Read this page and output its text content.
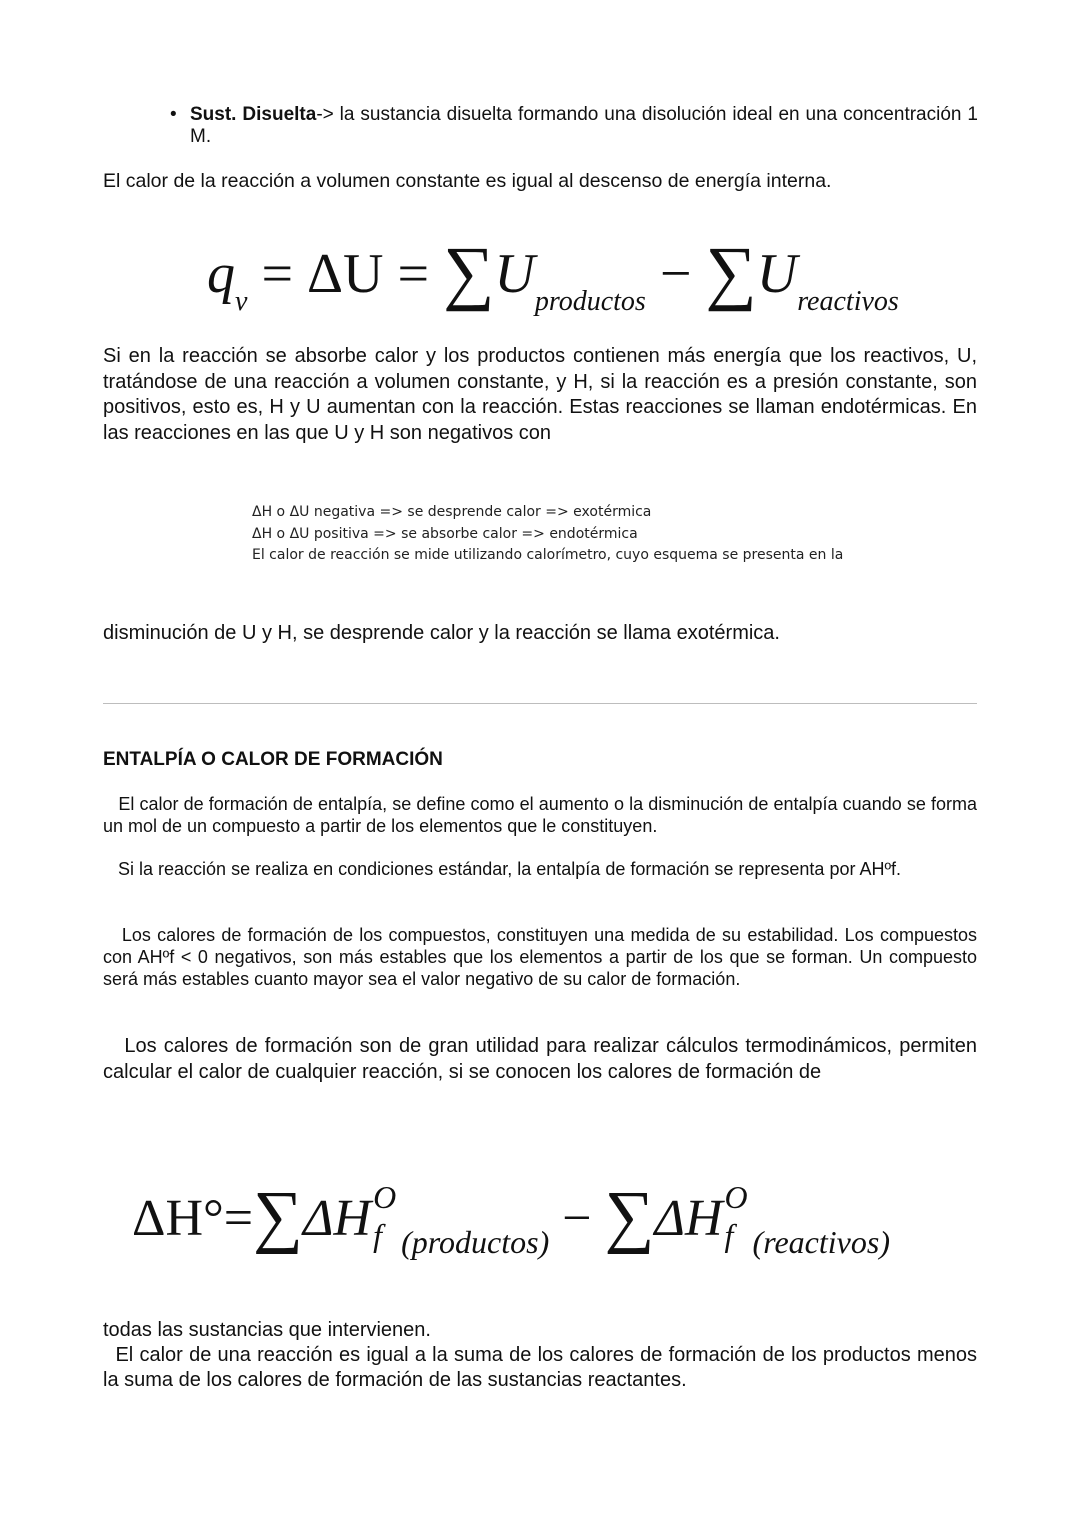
• Sust. Disuelta-> la sustancia disuelta formando una disolución ideal en una concentración 1 M.
El calor de la reacción a volumen constante es igual al descenso de energía interna.
$q_v = \Delta U = \sum U_{productos} - \sum U_{reactivos}$
Si en la reacción se absorbe calor y los productos contienen más energía que los reactivos, U, tratándose de una reacción a volumen constante, y H, si la reacción es a presión constante, son positivos, esto es, H y U aumentan con la reacción. Estas reacciones se llaman endotérmicas. En las reacciones en las que U y H son negativos con
ΔH o ΔU negativa => se desprende calor => exotérmica
ΔH o ΔU positiva => se absorbe calor => endotérmica
El calor de reacción se mide utilizando calorímetro, cuyo esquema se presenta en la
disminución de U y H, se desprende calor y la reacción se llama exotérmica.
ENTALPÍA O CALOR DE FORMACIÓN
El calor de formación de entalpía, se define como el aumento o la disminución de entalpía cuando se forma un mol de un compuesto a partir de los elementos que le constituyen.
Si la reacción se realiza en condiciones estándar, la entalpía de formación se representa por AHºf.
Los calores de formación de los compuestos, constituyen una medida de su estabilidad. Los compuestos con AHºf < 0 negativos, son más estables que los elementos a partir de los que se forman. Un compuesto será más estables cuanto mayor sea el valor negativo de su calor de formación.
Los calores de formación son de gran utilidad para realizar cálculos termodinámicos, permiten calcular el calor de cualquier reacción, si se conocen los calores de formación de
ΔH°=∑ΔH O
f $_{(productos)}$ − ∑ΔH O
f $_{(reactivos)}$
todas las sustancias que intervienen.
El calor de una reacción es igual a la suma de los calores de formación de los productos menos la suma de los calores de formación de las sustancias reactantes.
